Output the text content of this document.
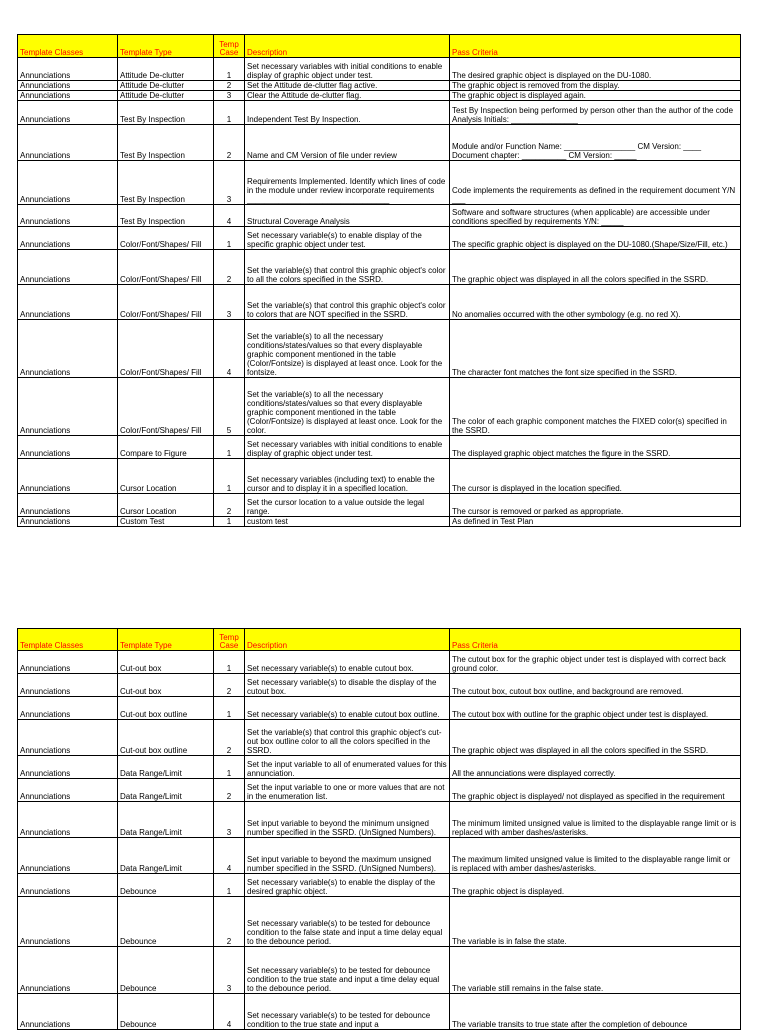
Template Classes	Template Type	Temp Case	Description	Pass Criteria
Annunciations	Attitude De-clutter	1	Set necessary variables with initial conditions to enable display of graphic object under test.	The desired graphic object is displayed on the DU-1080.
Annunciations	Attitude De-clutter	2	Set the Attitude de-clutter flag active.	The graphic object is removed from the display.
Annunciations	Attitude De-clutter	3	Clear the Attitude de-clutter flag.	The graphic object is displayed again.
Annunciations	Test By Inspection	1	Independent Test By Inspection.	Test By Inspection being performed by person other than the author of the code Analysis Initials: _______________
Annunciations	Test By Inspection	2	Name and CM Version of file under review	Module and/or Function Name: ________________ CM Version: ____ Document chapter: __________ CM Version: _____
Annunciations	Test By Inspection	3	Requirements Implemented. Identify which lines of code in the module under review incorporate requirements ________________________________	Code implements the requirements as defined in the requirement document Y/N ___
Annunciations	Test By Inspection	4	Structural Coverage Analysis	Software and software structures (when applicable) are accessible under conditions specified by requirements Y/N: _____
Annunciations	Color/Font/Shapes/ Fill	1	Set necessary variable(s) to enable display of the specific graphic object under test.	The specific graphic object is displayed on the DU-1080.(Shape/Size/Fill, etc.)
Annunciations	Color/Font/Shapes/ Fill	2	Set the variable(s) that control this graphic object's color to all the colors specified in the SSRD.	The graphic object was displayed in all the colors specified in the SSRD.
Annunciations	Color/Font/Shapes/ Fill	3	Set the variable(s) that control this graphic object's color to colors that are NOT specified in the SSRD.	No anomalies occurred with the other symbology (e.g. no red X).
Annunciations	Color/Font/Shapes/ Fill	4	Set the variable(s) to all the necessary conditions/states/values so that every displayable graphic component mentioned in the table (Color/Fontsize) is displayed at least once. Look for the fontsize.	The character font matches the font size specified in the SSRD.
Annunciations	Color/Font/Shapes/ Fill	5	Set the variable(s) to all the necessary conditions/states/values so that every displayable graphic component mentioned in the table (Color/Fontsize) is displayed at least once. Look for the color.	The color of each graphic component matches the FIXED color(s) specified in the SSRD.
Annunciations	Compare to Figure	1	Set necessary variables with initial conditions to enable display of graphic object under test.	The displayed graphic object matches the figure in the SSRD.
Annunciations	Cursor Location	1	Set necessary variables (including text) to enable the cursor and to display it in a specified location.	The cursor is displayed in the location specified.
Annunciations	Cursor Location	2	Set the cursor location to a value outside the legal range.	The cursor is removed or parked as appropriate.
Annunciations	Custom Test	1	custom test	As defined in Test Plan
Template Classes	Template Type	Temp Case	Description	Pass Criteria
Annunciations	Cut-out box	1	Set necessary variable(s) to enable cutout box.	The cutout box for the graphic object under test is displayed with correct back ground color.
Annunciations	Cut-out box	2	Set necessary variable(s) to disable the display of the cutout box.	The cutout box, cutout box outline, and background are removed.
Annunciations	Cut-out box outline	1	Set necessary variable(s) to enable cutout box outline.	The cutout box with outline for the graphic object under test is displayed.
Annunciations	Cut-out box outline	2	Set the variable(s) that control this graphic object's cut-out box outline color to all the colors specified in the SSRD.	The graphic object was displayed in all the colors specified in the SSRD.
Annunciations	Data Range/Limit	1	Set the input variable to all of enumerated values for this annunciation.	All the annunciations were displayed correctly.
Annunciations	Data Range/Limit	2	Set the input variable to one or more values that are not in the enumeration list.	The graphic object is displayed/ not displayed as specified in the requirement
Annunciations	Data Range/Limit	3	Set input variable to beyond the minimum unsigned number specified in the SSRD. (UnSigned Numbers).	The minimum limited unsigned value is limited to the displayable range limit or is replaced with amber dashes/asterisks.
Annunciations	Data Range/Limit	4	Set input variable to beyond the maximum unsigned number specified in the SSRD. (UnSigned Numbers).	The maximum limited unsigned value is limited to the displayable range limit or is replaced with amber dashes/asterisks.
Annunciations	Debounce	1	Set necessary variable(s) to enable the display of the desired graphic object.	The graphic object is displayed.
Annunciations	Debounce	2	Set necessary variable(s) to be tested for debounce condition to the false state and input a time delay equal to the debounce period.	The variable is in false the state.
Annunciations	Debounce	3	Set necessary variable(s) to be tested for debounce condition to the true state and input a time delay equal to the debounce period.	The variable still remains in the false state.
Annunciations	Debounce	4	Set necessary variable(s) to be tested for debounce condition to the true state and input a	The variable transits to true state after the completion of debounce
